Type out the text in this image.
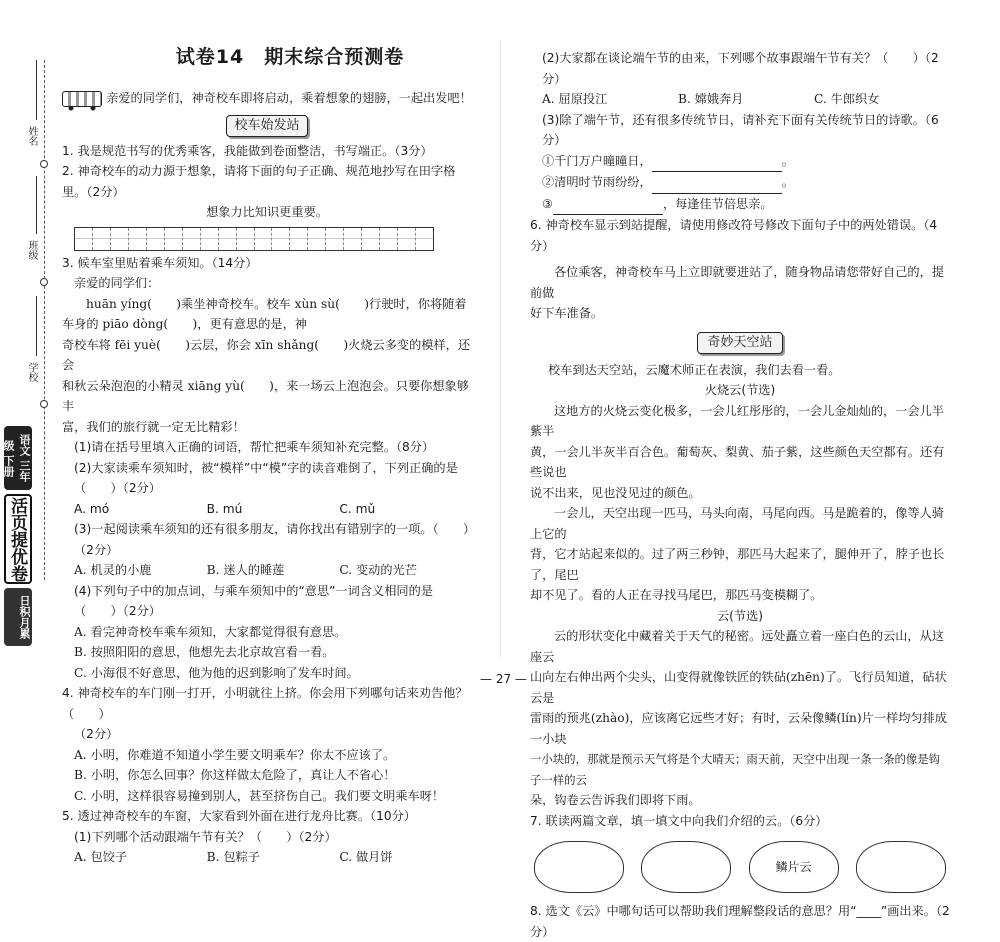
姓名
班级
学校
语文 三年级 下册
活页提优卷
日积月累
试卷14　期末综合预测卷
亲爱的同学们，神奇校车即将启动，乘着想象的翅膀，一起出发吧！
校车始发站
1. 我是规范书写的优秀乘客，我能做到卷面整洁，书写端正。（3分）
2. 神奇校车的动力源于想象，请将下面的句子正确、规范地抄写在田字格里。（2分）
想象力比知识更重要。
3. 候车室里贴着乘车须知。（14分）
亲爱的同学们：
huān yíng(　　)乘坐神奇校车。校车 xùn sù(　　)行驶时，你将随着
车身的 piāo dòng(　　)，更有意思的是，神
奇校车将 fēi yuè(　　)云层，你会 xīn shǎng(　　)火烧云多变的模样，还会
和秋云朵泡泡的小精灵 xiāng yù(　　)，来一场云上泡泡会。只要你想象够丰
富，我们的旅行就一定无比精彩！
(1)请在括号里填入正确的词语，帮忙把乘车须知补充完整。（8分）
(2)大家读乘车须知时，被“模样”中“模”字的读音难倒了，下列正确的是（　　）（2分）
A. mó	B. mú	C. mǔ
(3)一起阅读乘车须知的还有很多朋友，请你找出有错别字的一项。（　　）（2分）
A. 机灵的小鹿	B. 迷人的睡莲	C. 变动的光芒
(4)下列句子中的加点词，与乘车须知中的“意思”一词含义相同的是（　　）（2分）
A. 看完神奇校车乘车须知，大家都觉得很有意思。
B. 按照阳阳的意思，他想先去北京故宫看一看。
C. 小海很不好意思，他为他的迟到影响了发车时间。
4. 神奇校车的车门刚一打开，小明就往上挤。你会用下列哪句话来劝告他？（　　）
（2分）
A. 小明，你难道不知道小学生要文明乘车？你太不应该了。
B. 小明，你怎么回事？你这样做太危险了，真让人不省心！
C. 小明，这样很容易撞到别人，甚至挤伤自己。我们要文明乘车呀！
5. 透过神奇校车的车窗，大家看到外面在进行龙舟比赛。（10分）
(1)下列哪个活动跟端午节有关？（　　）（2分）
A. 包饺子	B. 包粽子	C. 做月饼
(2)大家都在谈论端午节的由来，下列哪个故事跟端午节有关？（　　）（2分）
A. 屈原投江	B. 嫦娥奔月	C. 牛郎织女
(3)除了端午节，还有很多传统节日，请补充下面有关传统节日的诗歌。（6分）
①千门万户曈曈日，	。
②清明时节雨纷纷，	。
③	，每逢佳节倍思亲。
6. 神奇校车显示到站提醒，请使用修改符号修改下面句子中的两处错误。（4分）
各位乘客，神奇校车马上立即就要进站了，随身物品请您带好自己的，提前做
好下车准备。
奇妙天空站
校车到达天空站，云魔术师正在表演，我们去看一看。
火烧云(节选)
这地方的火烧云变化极多，一会儿红彤彤的，一会儿金灿灿的，一会儿半紫半
黄，一会儿半灰半百合色。葡萄灰、梨黄、茄子紫，这些颜色天空都有。还有些说也
说不出来，见也没见过的颜色。
一会儿，天空出现一匹马，马头向南，马尾向西。马是跪着的，像等人骑上它的
背，它才站起来似的。过了两三秒钟，那匹马大起来了，腿伸开了，脖子也长了，尾巴
却不见了。看的人正在寻找马尾巴，那匹马变模糊了。
云(节选)
云的形状变化中藏着关于天气的秘密。远处矗立着一座白色的云山，从这座云
山向左右伸出两个尖头，山变得就像铁匠的铁砧(zhēn)了。飞行员知道，砧状云是
雷雨的预兆(zhào)，应该离它远些才好；有时，云朵像鳞(lín)片一样均匀排成一小块
一小块的，那就是预示天气将是个大晴天；雨天前，天空中出现一条一条的像是钩子一样的云
朵，钩卷云告诉我们即将下雨。
7. 联读两篇文章，填一填文中向我们介绍的云。（6分）
鳞片云
8. 选文《云》中哪句话可以帮助我们理解整段话的意思？用“____”画出来。（2分）
— 27 —
